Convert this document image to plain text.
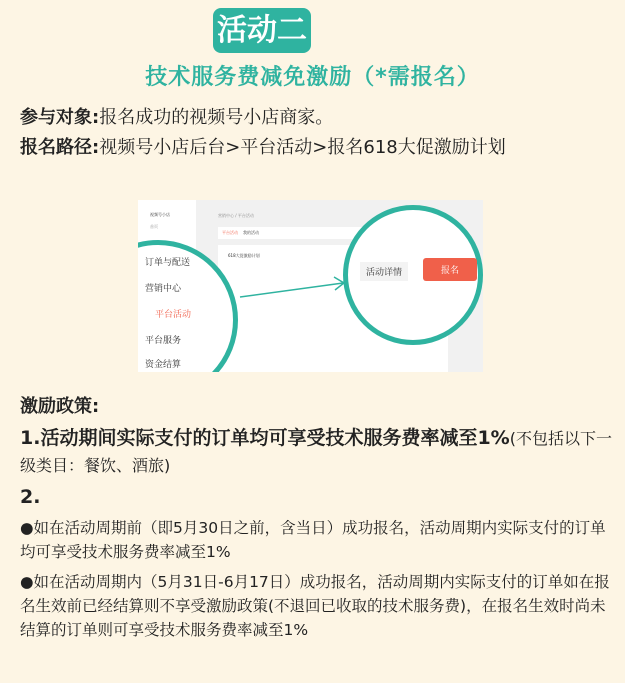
活动二
技术服务费减免激励（*需报名）
参与对象:报名成功的视频号小店商家。
报名路径:视频号小店后台>平台活动>报名618大促激励计划
视频号小店
首页
营销中心 / 平台活动
平台活动 我的活动
618大促激励计划
订单与配送
营销中心
平台活动
平台服务
资金结算
活动详情	报名
激励政策:
1.活动期间实际支付的订单均可享受技术服务费率减至1%(不包括以下一级类目：餐饮、酒旅)
2.
●如在活动周期前（即5月30日之前，含当日）成功报名，活动周期内实际支付的订单均可享受技术服务费率减至1%
●如在活动周期内（5月31日-6月17日）成功报名，活动周期内实际支付的订单如在报名生效前已经结算则不享受激励政策(不退回已收取的技术服务费)，在报名生效时尚未结算的订单则可享受技术服务费率减至1%
